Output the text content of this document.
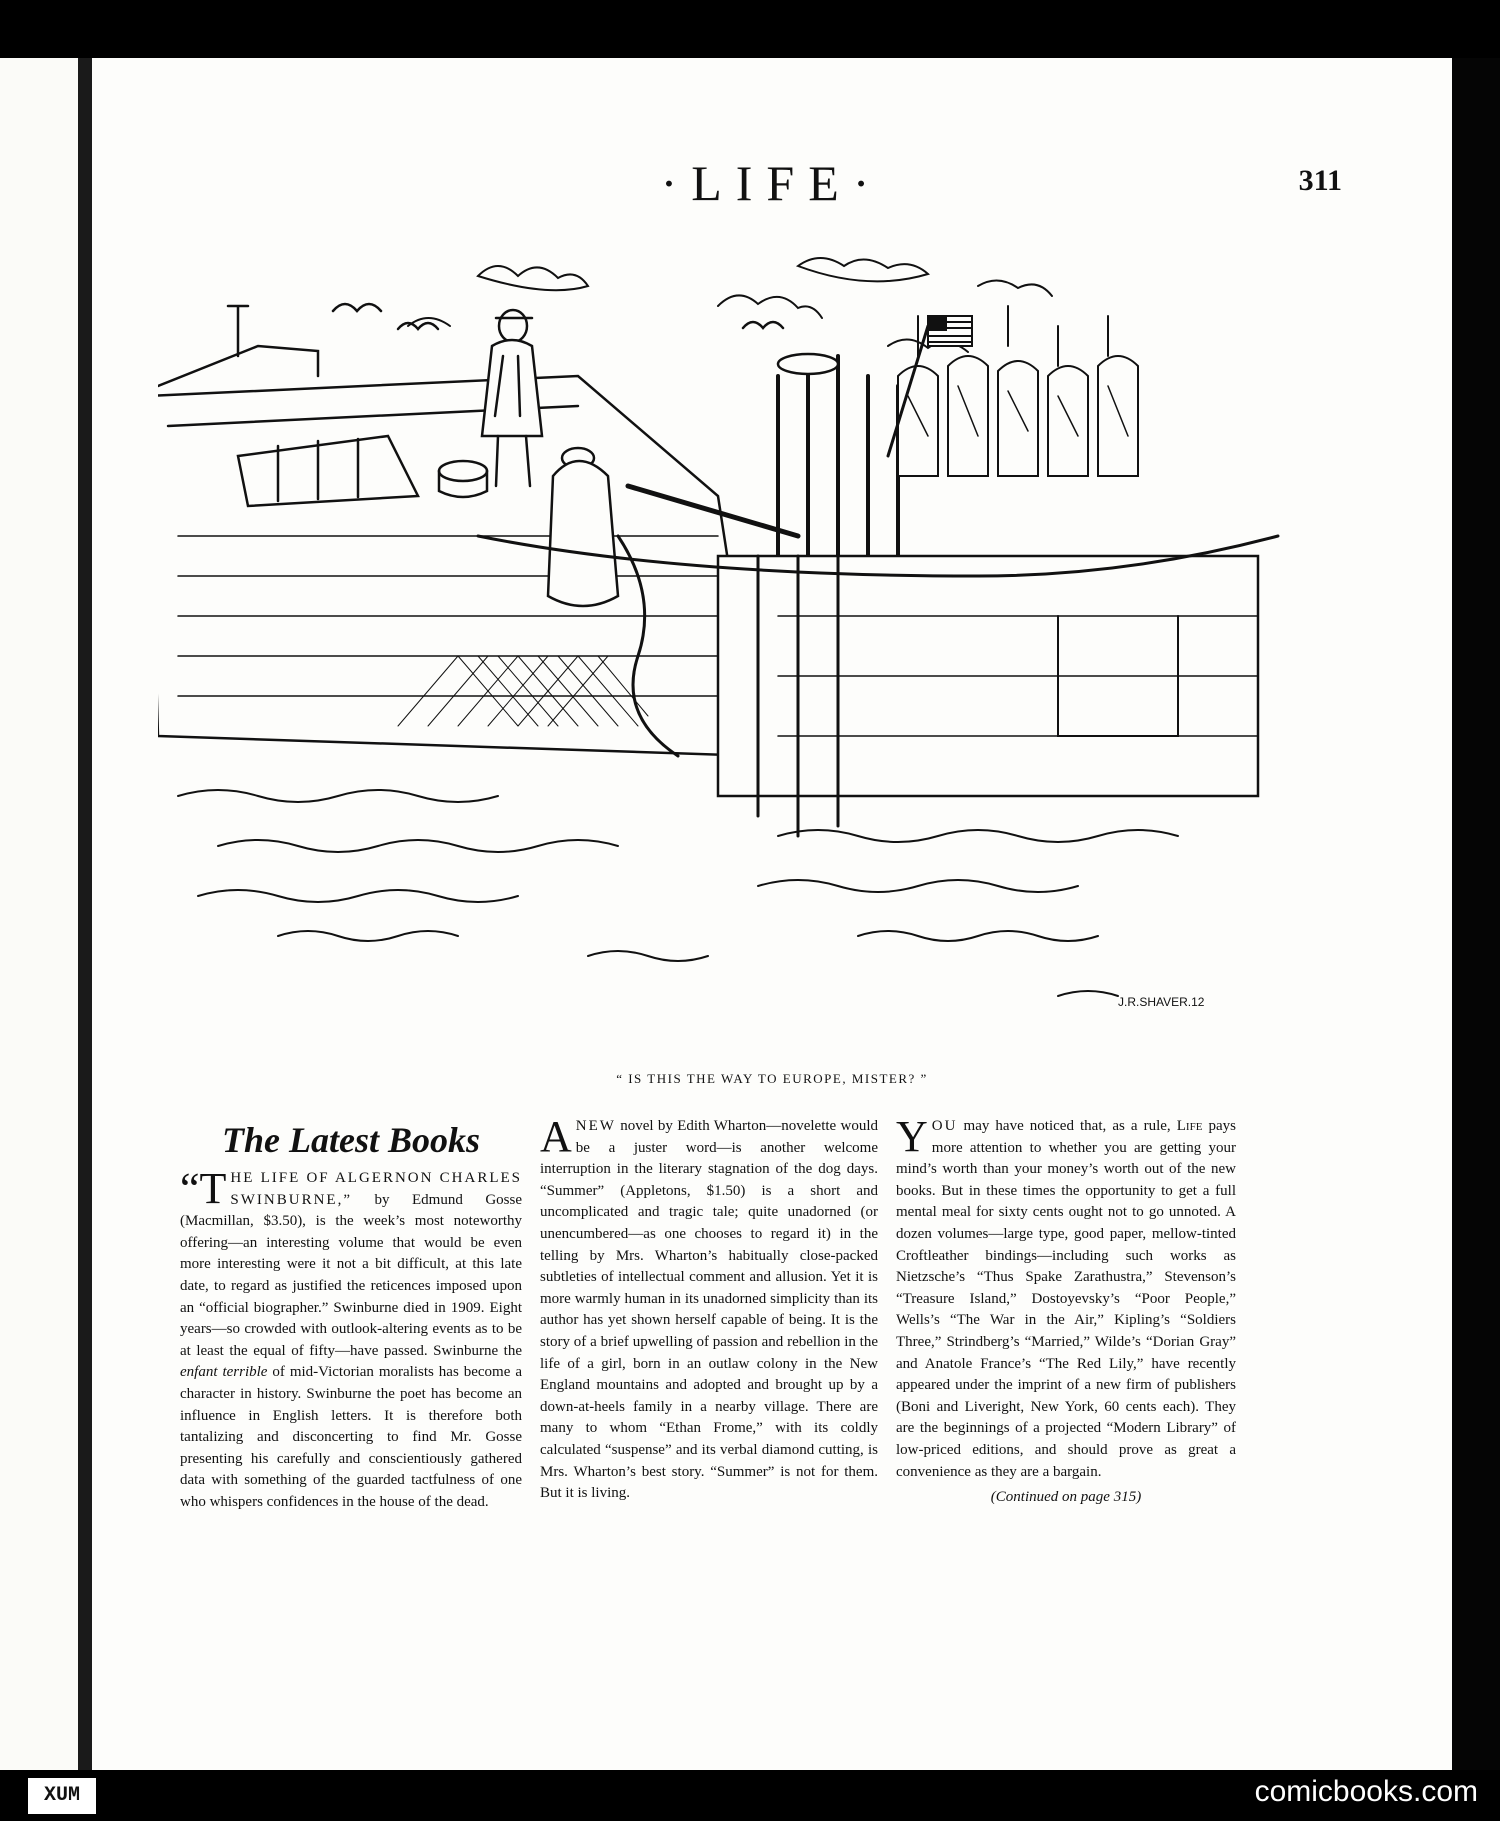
·LIFE·	311
J.R.SHAVER.12
“ IS THIS THE WAY TO EUROPE, MISTER? ”
The Latest Books
“T HE LIFE OF ALGERNON CHARLES SWINBURNE,” by Edmund Gosse (Macmillan, $3.50), is the week’s most noteworthy offering—an interesting volume that would be even more interesting were it not a bit difficult, at this late date, to regard as justified the reticences imposed upon an “official biographer.” Swinburne died in 1909. Eight years—so crowded with outlook-altering events as to be at least the equal of fifty—have passed. Swinburne the enfant terrible of mid-Victorian moralists has become a character in history. Swinburne the poet has become an influence in English letters. It is therefore both tantalizing and disconcerting to find Mr. Gosse presenting his carefully and conscientiously gathered data with something of the guarded tactfulness of one who whispers confidences in the house of the dead.
ANEW novel by Edith Wharton—novelette would be a juster word—is another welcome interruption in the literary stagnation of the dog days. “Summer” (Appletons, $1.50) is a short and uncomplicated and tragic tale; quite unadorned (or unencumbered—as one chooses to regard it) in the telling by Mrs. Wharton’s habitually close-packed subtleties of intellectual comment and allusion. Yet it is more warmly human in its unadorned simplicity than its author has yet shown herself capable of being. It is the story of a brief upwelling of passion and rebellion in the life of a girl, born in an outlaw colony in the New England mountains and adopted and brought up by a down-at-heels family in a nearby village. There are many to whom “Ethan Frome,” with its coldly calculated “suspense” and its verbal diamond cutting, is Mrs. Wharton’s best story. “Summer” is not for them. But it is living.
YOU may have noticed that, as a rule, Life pays more attention to whether you are getting your mind’s worth than your money’s worth out of the new books. But in these times the opportunity to get a full mental meal for sixty cents ought not to go unnoted. A dozen volumes—large type, good paper, mellow-tinted Croftleather bindings—including such works as Nietzsche’s “Thus Spake Zarathustra,” Stevenson’s “Treasure Island,” Dostoyevsky’s “Poor People,” Wells’s “The War in the Air,” Kipling’s “Soldiers Three,” Strindberg’s “Married,” Wilde’s “Dorian Gray” and Anatole France’s “The Red Lily,” have recently appeared under the imprint of a new firm of publishers (Boni and Liveright, New York, 60 cents each). They are the beginnings of a projected “Modern Library” of low-priced editions, and should prove as great a convenience as they are a bargain.
(Continued on page 315)
XUM	comicbooks.com
